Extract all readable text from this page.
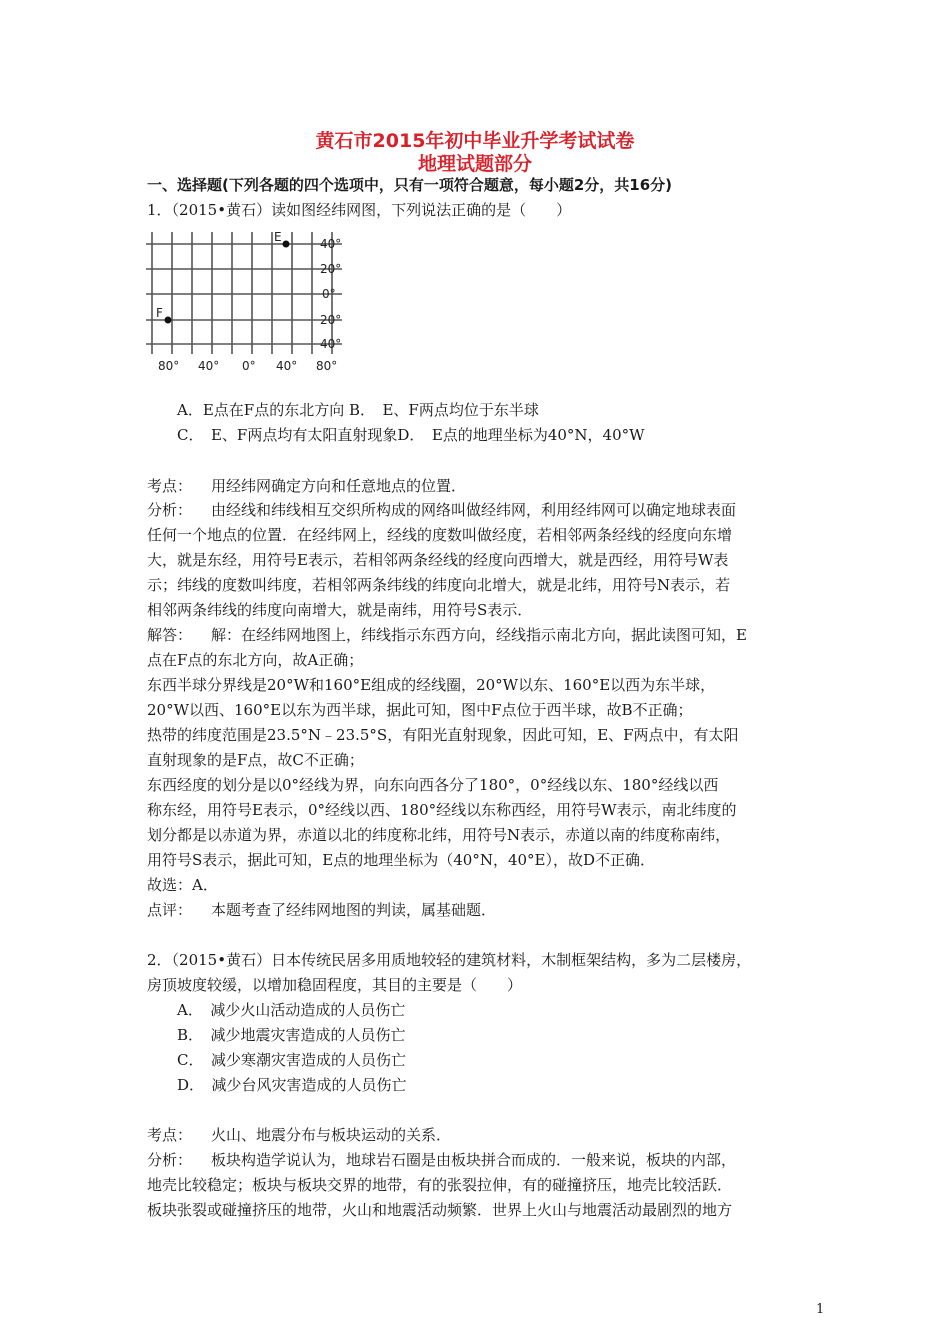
黄石市2015年初中毕业升学考试试卷
地理试题部分
一、选择题(下列各题的四个选项中，只有一项符合题意，每小题2分，共16分)
1．（2015•黄石）读如图经纬网图，下列说法正确的是（　　）
E
F
40°
20°
0°
20°
40°
80° 40° 0° 40° 80°
A．E点在F点的东北方向 B．　E、F两点均位于东半球
C．　E、F两点均有太阳直射现象D．　E点的地理坐标为40°N，40°W
考点： 用经纬网确定方向和任意地点的位置．
分析： 由经线和纬线相互交织所构成的网络叫做经纬网，利用经纬网可以确定地球表面
任何一个地点的位置．在经纬网上，经线的度数叫做经度，若相邻两条经线的经度向东增
大，就是东经，用符号E表示，若相邻两条经线的经度向西增大，就是西经，用符号W表
示；纬线的度数叫纬度，若相邻两条纬线的纬度向北增大，就是北纬，用符号N表示，若
相邻两条纬线的纬度向南增大，就是南纬，用符号S表示．
解答： 解：在经纬网地图上，纬线指示东西方向，经线指示南北方向，据此读图可知，E
点在F点的东北方向，故A正确；
东西半球分界线是20°W和160°E组成的经线圈，20°W以东、160°E以西为东半球，
20°W以西、160°E以东为西半球，据此可知，图中F点位于西半球，故B不正确；
热带的纬度范围是23.5°N﹣23.5°S，有阳光直射现象，因此可知，E、F两点中，有太阳
直射现象的是F点，故C不正确；
东西经度的划分是以0°经线为界，向东向西各分了180°，0°经线以东、180°经线以西
称东经，用符号E表示，0°经线以西、180°经线以东称西经，用符号W表示，南北纬度的
划分都是以赤道为界，赤道以北的纬度称北纬，用符号N表示，赤道以南的纬度称南纬，
用符号S表示，据此可知，E点的地理坐标为（40°N，40°E），故D不正确．
故选：A．
点评： 本题考查了经纬网地图的判读，属基础题．
2．（2015•黄石）日本传统民居多用质地较轻的建筑材料，木制框架结构，多为二层楼房，
房顶坡度较缓，以增加稳固程度，其目的主要是（　　）
A．　减少火山活动造成的人员伤亡
B．　减少地震灾害造成的人员伤亡
C．　减少寒潮灾害造成的人员伤亡
D．　减少台风灾害造成的人员伤亡
考点： 火山、地震分布与板块运动的关系．
分析： 板块构造学说认为，地球岩石圈是由板块拼合而成的．一般来说，板块的内部，
地壳比较稳定；板块与板块交界的地带，有的张裂拉伸，有的碰撞挤压，地壳比较活跃．
板块张裂或碰撞挤压的地带，火山和地震活动频繁．世界上火山与地震活动最剧烈的地方
1
